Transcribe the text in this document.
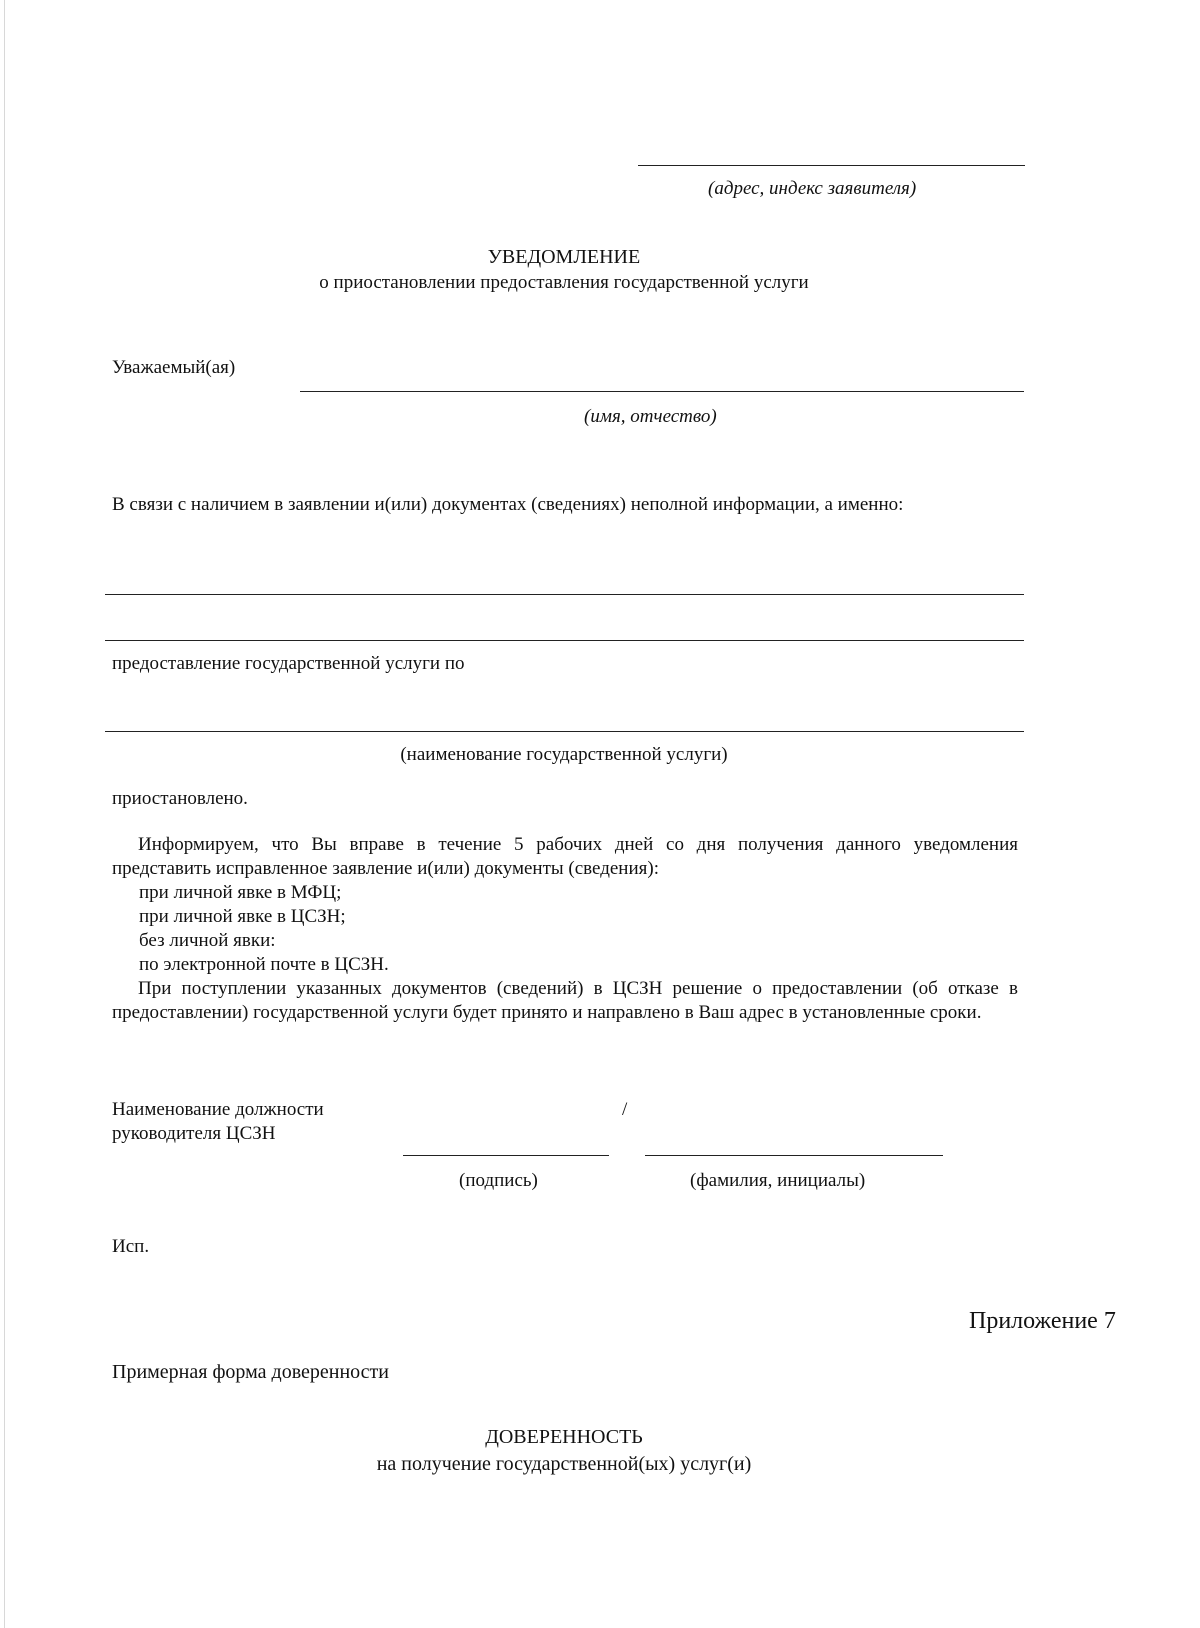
(адрес, индекс заявителя)

УВЕДОМЛЕНИЕ

о приостановлении предоставления государственной услуги

Уважаемый(ая)

(имя, отчество)

В связи с наличием в заявлении и(или) документах (сведениях) неполной информации, а именно:

предоставление государственной услуги по

(наименование государственной услуги)

приостановлено.

Информируем, что Вы вправе в течение 5 рабочих дней со дня получения данного уведомления представить исправленное заявление и(или) документы (сведения):

при личной явке в МФЦ;

при личной явке в ЦСЗН;

без личной явки:

по электронной почте в ЦСЗН.

При поступлении указанных документов (сведений) в ЦСЗН решение о предоставлении (об отказе в предоставлении) государственной услуги будет принято и направлено в Ваш адрес в установленные сроки.

Наименование должности

руководителя ЦСЗН

/

(подпись)	(фамилия, инициалы)

Исп.

Приложение 7

Примерная форма доверенности

ДОВЕРЕННОСТЬ

на получение государственной(ых) услуг(и)
